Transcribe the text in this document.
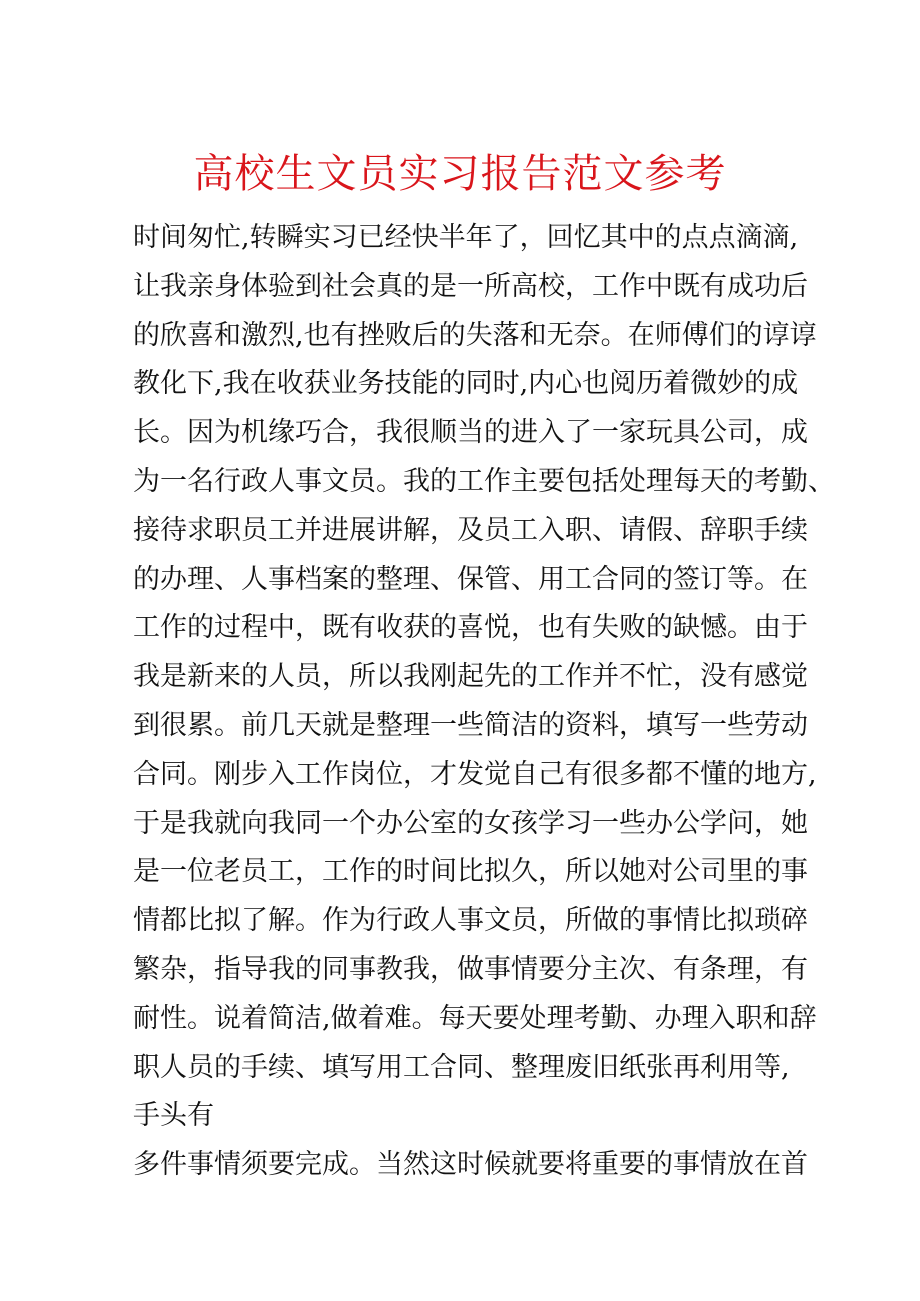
高校生文员实习报告范文参考
时间匆忙,转瞬实习已经快半年了，回忆其中的点点滴滴,
让我亲身体验到社会真的是一所高校，工作中既有成功后
的欣喜和激烈,也有挫败后的失落和无奈。在师傅们的谆谆
教化下,我在收获业务技能的同时,内心也阅历着微妙的成
长。因为机缘巧合，我很顺当的进入了一家玩具公司，成
为一名行政人事文员。我的工作主要包括处理每天的考勤、
接待求职员工并进展讲解，及员工入职、请假、辞职手续
的办理、人事档案的整理、保管、用工合同的签订等。在
工作的过程中，既有收获的喜悦，也有失败的缺憾。由于
我是新来的人员，所以我刚起先的工作并不忙，没有感觉
到很累。前几天就是整理一些简洁的资料，填写一些劳动
合同。刚步入工作岗位，才发觉自己有很多都不懂的地方,
于是我就向我同一个办公室的女孩学习一些办公学问，她
是一位老员工，工作的时间比拟久，所以她对公司里的事
情都比拟了解。作为行政人事文员，所做的事情比拟琐碎
繁杂，指导我的同事教我，做事情要分主次、有条理，有
耐性。说着简洁,做着难。每天要处理考勤、办理入职和辞
职人员的手续、填写用工合同、整理废旧纸张再利用等,
手头有
多件事情须要完成。当然这时候就要将重要的事情放在首
